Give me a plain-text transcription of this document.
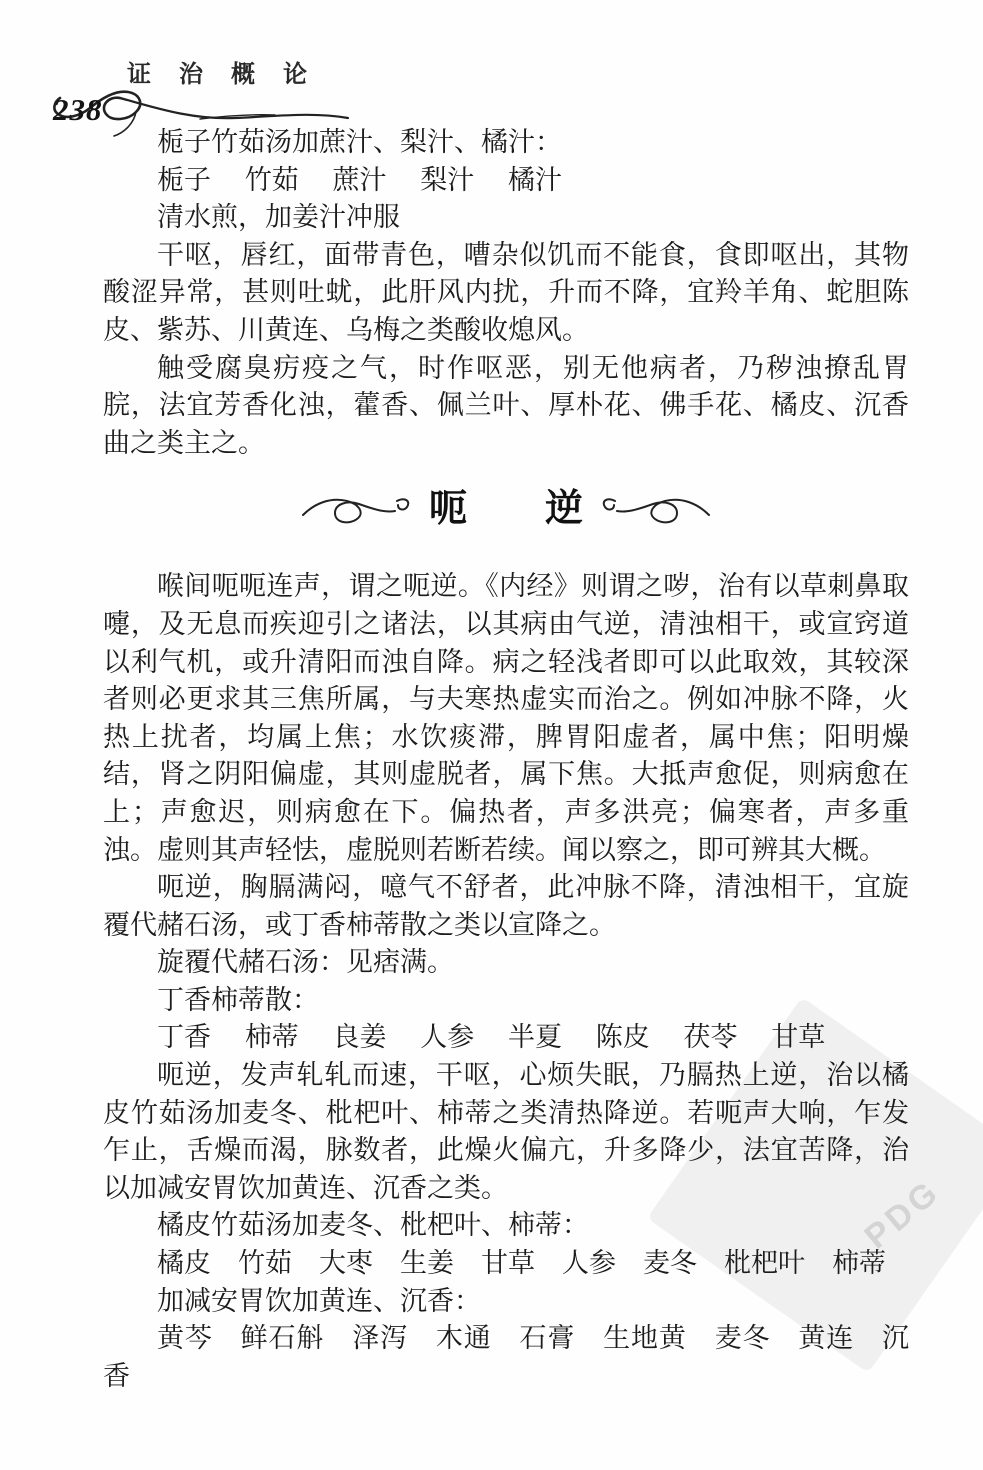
PDG
证 治 概 论
238

栀子竹茹汤加蔗汁、梨汁、橘汁：

栀子　 竹茹　 蔗汁　 梨汁　 橘汁

清水煎，加姜汁冲服

干呕，唇红，面带青色，嘈杂似饥而不能食，食即呕出，其物酸涩异常，甚则吐蚘，此肝风内扰，升而不降，宜羚羊角、蛇胆陈皮、紫苏、川黄连、乌梅之类酸收熄风。

触受腐臭疠疫之气，时作呕恶，别无他病者，乃秽浊撩乱胃脘，法宜芳香化浊，藿香、佩兰叶、厚朴花、佛手花、橘皮、沉香曲之类主之。

呃 逆

喉间呃呃连声，谓之呃逆。《内经》则谓之哕，治有以草刺鼻取嚏，及无息而疾迎引之诸法，以其病由气逆，清浊相干，或宣窍道以利气机，或升清阳而浊自降。病之轻浅者即可以此取效，其较深者则必更求其三焦所属，与夫寒热虚实而治之。例如冲脉不降，火热上扰者，均属上焦；水饮痰滞，脾胃阳虚者，属中焦；阳明燥结，肾之阴阳偏虚，其则虚脱者，属下焦。大抵声愈促，则病愈在上；声愈迟，则病愈在下。偏热者，声多洪亮；偏寒者，声多重浊。虚则其声轻怯，虚脱则若断若续。闻以察之，即可辨其大概。

呃逆，胸膈满闷，噫气不舒者，此冲脉不降，清浊相干，宜旋覆代赭石汤，或丁香柿蒂散之类以宣降之。

旋覆代赭石汤：见痞满。

丁香柿蒂散：

丁香　 柿蒂　 良姜　 人参　 半夏　 陈皮　 茯苓　 甘草

呃逆，发声轧轧而速，干呕，心烦失眠，乃膈热上逆，治以橘皮竹茹汤加麦冬、枇杷叶、柿蒂之类清热降逆。若呃声大响，乍发乍止，舌燥而渴，脉数者，此燥火偏亢，升多降少，法宜苦降，治以加减安胃饮加黄连、沉香之类。

橘皮竹茹汤加麦冬、枇杷叶、柿蒂：

橘皮　竹茹　大枣　生姜　甘草　人参　麦冬　枇杷叶　柿蒂

加减安胃饮加黄连、沉香：

黄芩　鲜石斛　泽泻　木通　石膏　生地黄　麦冬　黄连　沉香
